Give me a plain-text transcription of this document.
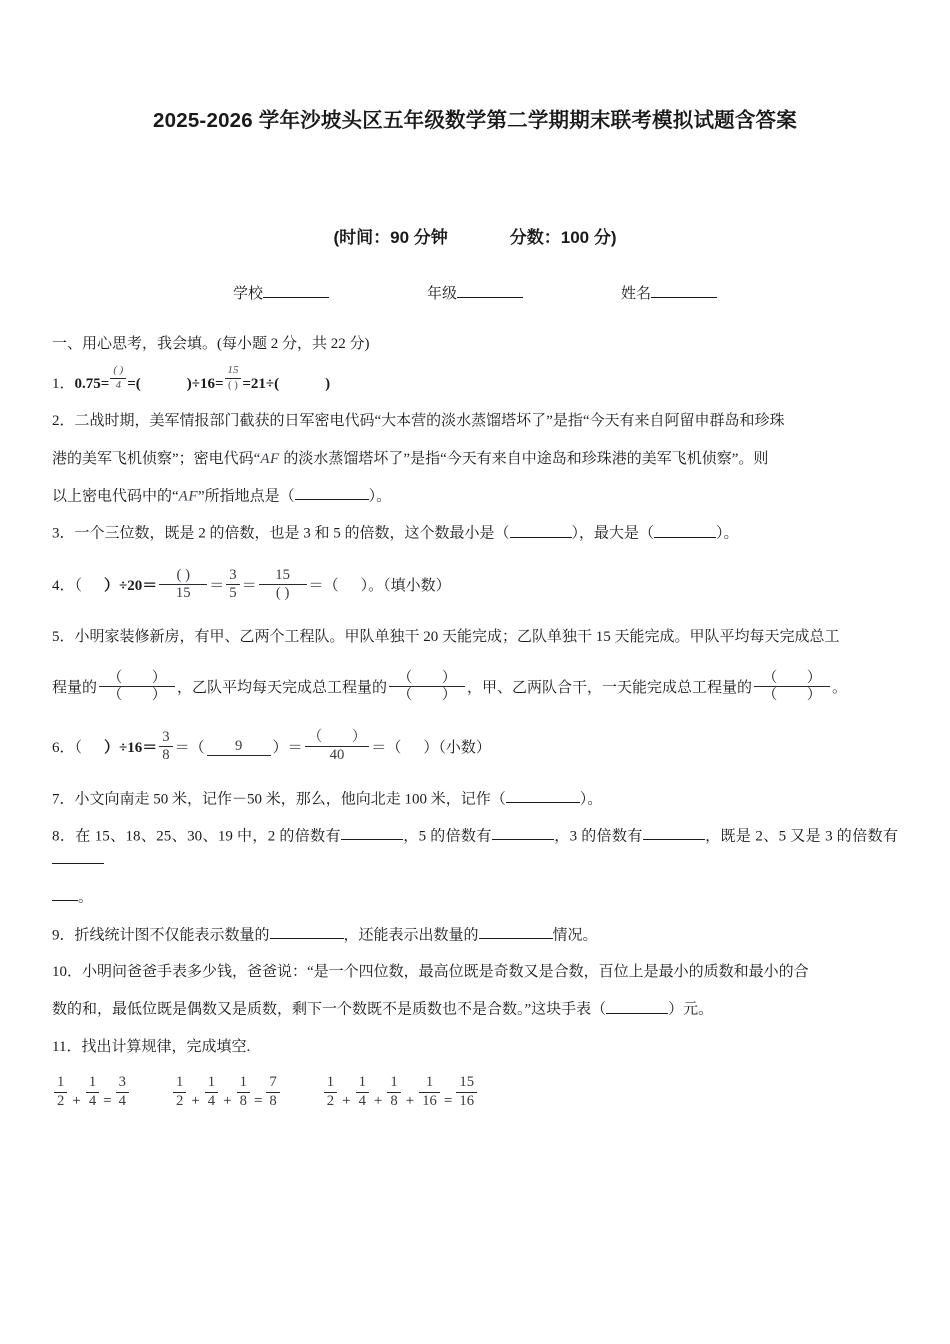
2025-2026 学年沙坡头区五年级数学第二学期期末联考模拟试题含答案

(时间：90 分钟	分数：100 分)

学校	年级	姓名

一、用心思考，我会填。(每小题 2 分，共 22 分)

1．$0.75= \frac{( )}{4}$ =(	)$\div 16= \frac{15}{( )} =21\div$(	)

2．二战时期，美军情报部门截获的日军密电代码“大本营的淡水蒸馏塔坏了”是指“今天有来自阿留申群岛和珍珠

港的美军飞机侦察”；密电代码“AF 的淡水蒸馏塔坏了”是指“今天有来自中途岛和珍珠港的美军飞机侦察”。则

以上密电代码中的“AF”所指地点是（	）。

3．一个三位数，既是 2 的倍数，也是 3 和 5 的倍数，这个数最小是（	），最大是（	）。

4．（ ）$\div 20= \frac{( )}{15} = \frac{3}{5} = \frac{15}{( )}$ ＝（ ）。（填小数）

5．小明家装修新房，有甲、乙两个工程队。甲队单独干 20 天能完成；乙队单独干 15 天能完成。甲队平均每天完成总工

程量的 $\frac{( )}{( )}$ ，乙队平均每天完成总工程量的 $\frac{( )}{( )}$ ，甲、乙两队合干，一天能完成总工程量的 $\frac{( )}{( )}$ 。

6．（ ）$\div 16= \frac{3}{8}$ ＝（	9	）＝ $\frac{( )}{40}$ ＝（ ）（小数）

7．小文向南走 50 米，记作－50 米，那么，他向北走 100 米，记作（	）。

8．在 15、18、25、30、19 中，2 的倍数有	，5 的倍数有	，3 的倍数有	，既是 2、5 又是 3 的倍数有

。

9．折线统计图不仅能表示数量的	，还能表示出数量的	情况。

10．小明问爸爸手表多少钱，爸爸说：“是一个四位数，最高位既是奇数又是合数，百位上是最小的质数和最小的合

数的和，最低位既是偶数又是质数，剩下一个数既不是质数也不是合数。”这块手表（	）元。

11．找出计算规律，完成填空.

$\frac{1}{2} + \frac{1}{4} = \frac{3}{4}$	$\frac{1}{2} + \frac{1}{4} + \frac{1}{8} = \frac{7}{8}$	$\frac{1}{2} + \frac{1}{4} + \frac{1}{8} + \frac{1}{16} = \frac{15}{16}$
